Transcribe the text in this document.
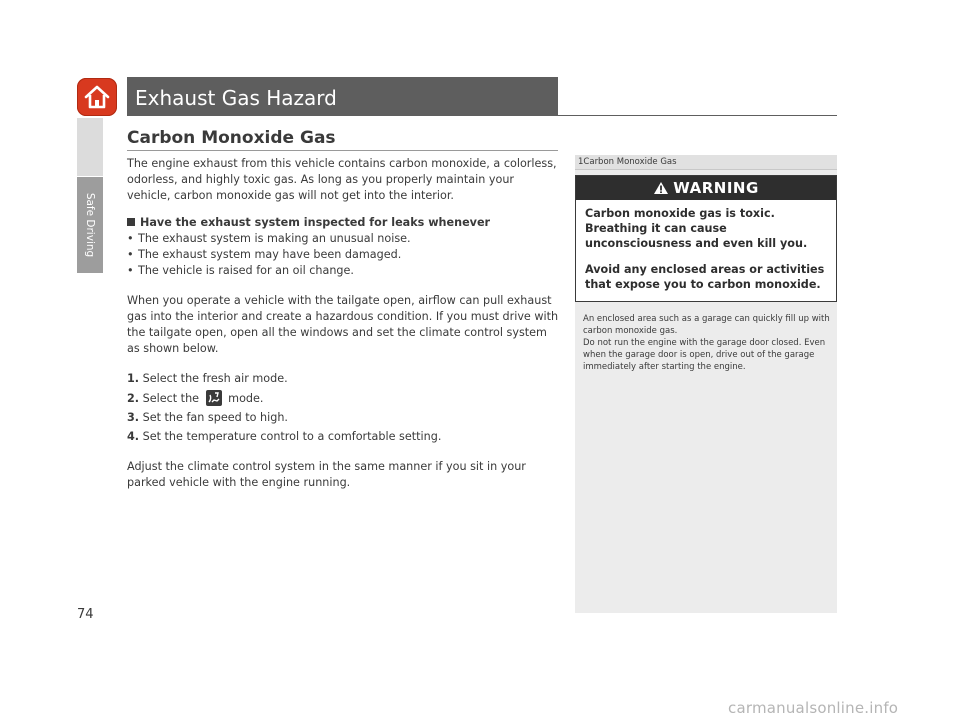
Safe Driving
Exhaust Gas Hazard
Carbon Monoxide Gas

The engine exhaust from this vehicle contains carbon monoxide, a colorless, odorless, and highly toxic gas. As long as you properly maintain your vehicle, carbon monoxide gas will not get into the interior.

Have the exhaust system inspected for leaks whenever

• The exhaust system is making an unusual noise.
• The exhaust system may have been damaged.
• The vehicle is raised for an oil change.

When you operate a vehicle with the tailgate open, airflow can pull exhaust gas into the interior and create a hazardous condition. If you must drive with the tailgate open, open all the windows and set the climate control system as shown below.

1. Select the fresh air mode.

2. Select the	mode.

3. Set the fan speed to high.

4. Set the temperature control to a comfortable setting.

Adjust the climate control system in the same manner if you sit in your parked vehicle with the engine running.

1Carbon Monoxide Gas
WARNING

Carbon monoxide gas is toxic.

Breathing it can cause unconsciousness and even kill you.

Avoid any enclosed areas or activities that expose you to carbon monoxide.

An enclosed area such as a garage can quickly fill up with carbon monoxide gas.

Do not run the engine with the garage door closed. Even when the garage door is open, drive out of the garage immediately after starting the engine.

74
carmanualsonline.info
